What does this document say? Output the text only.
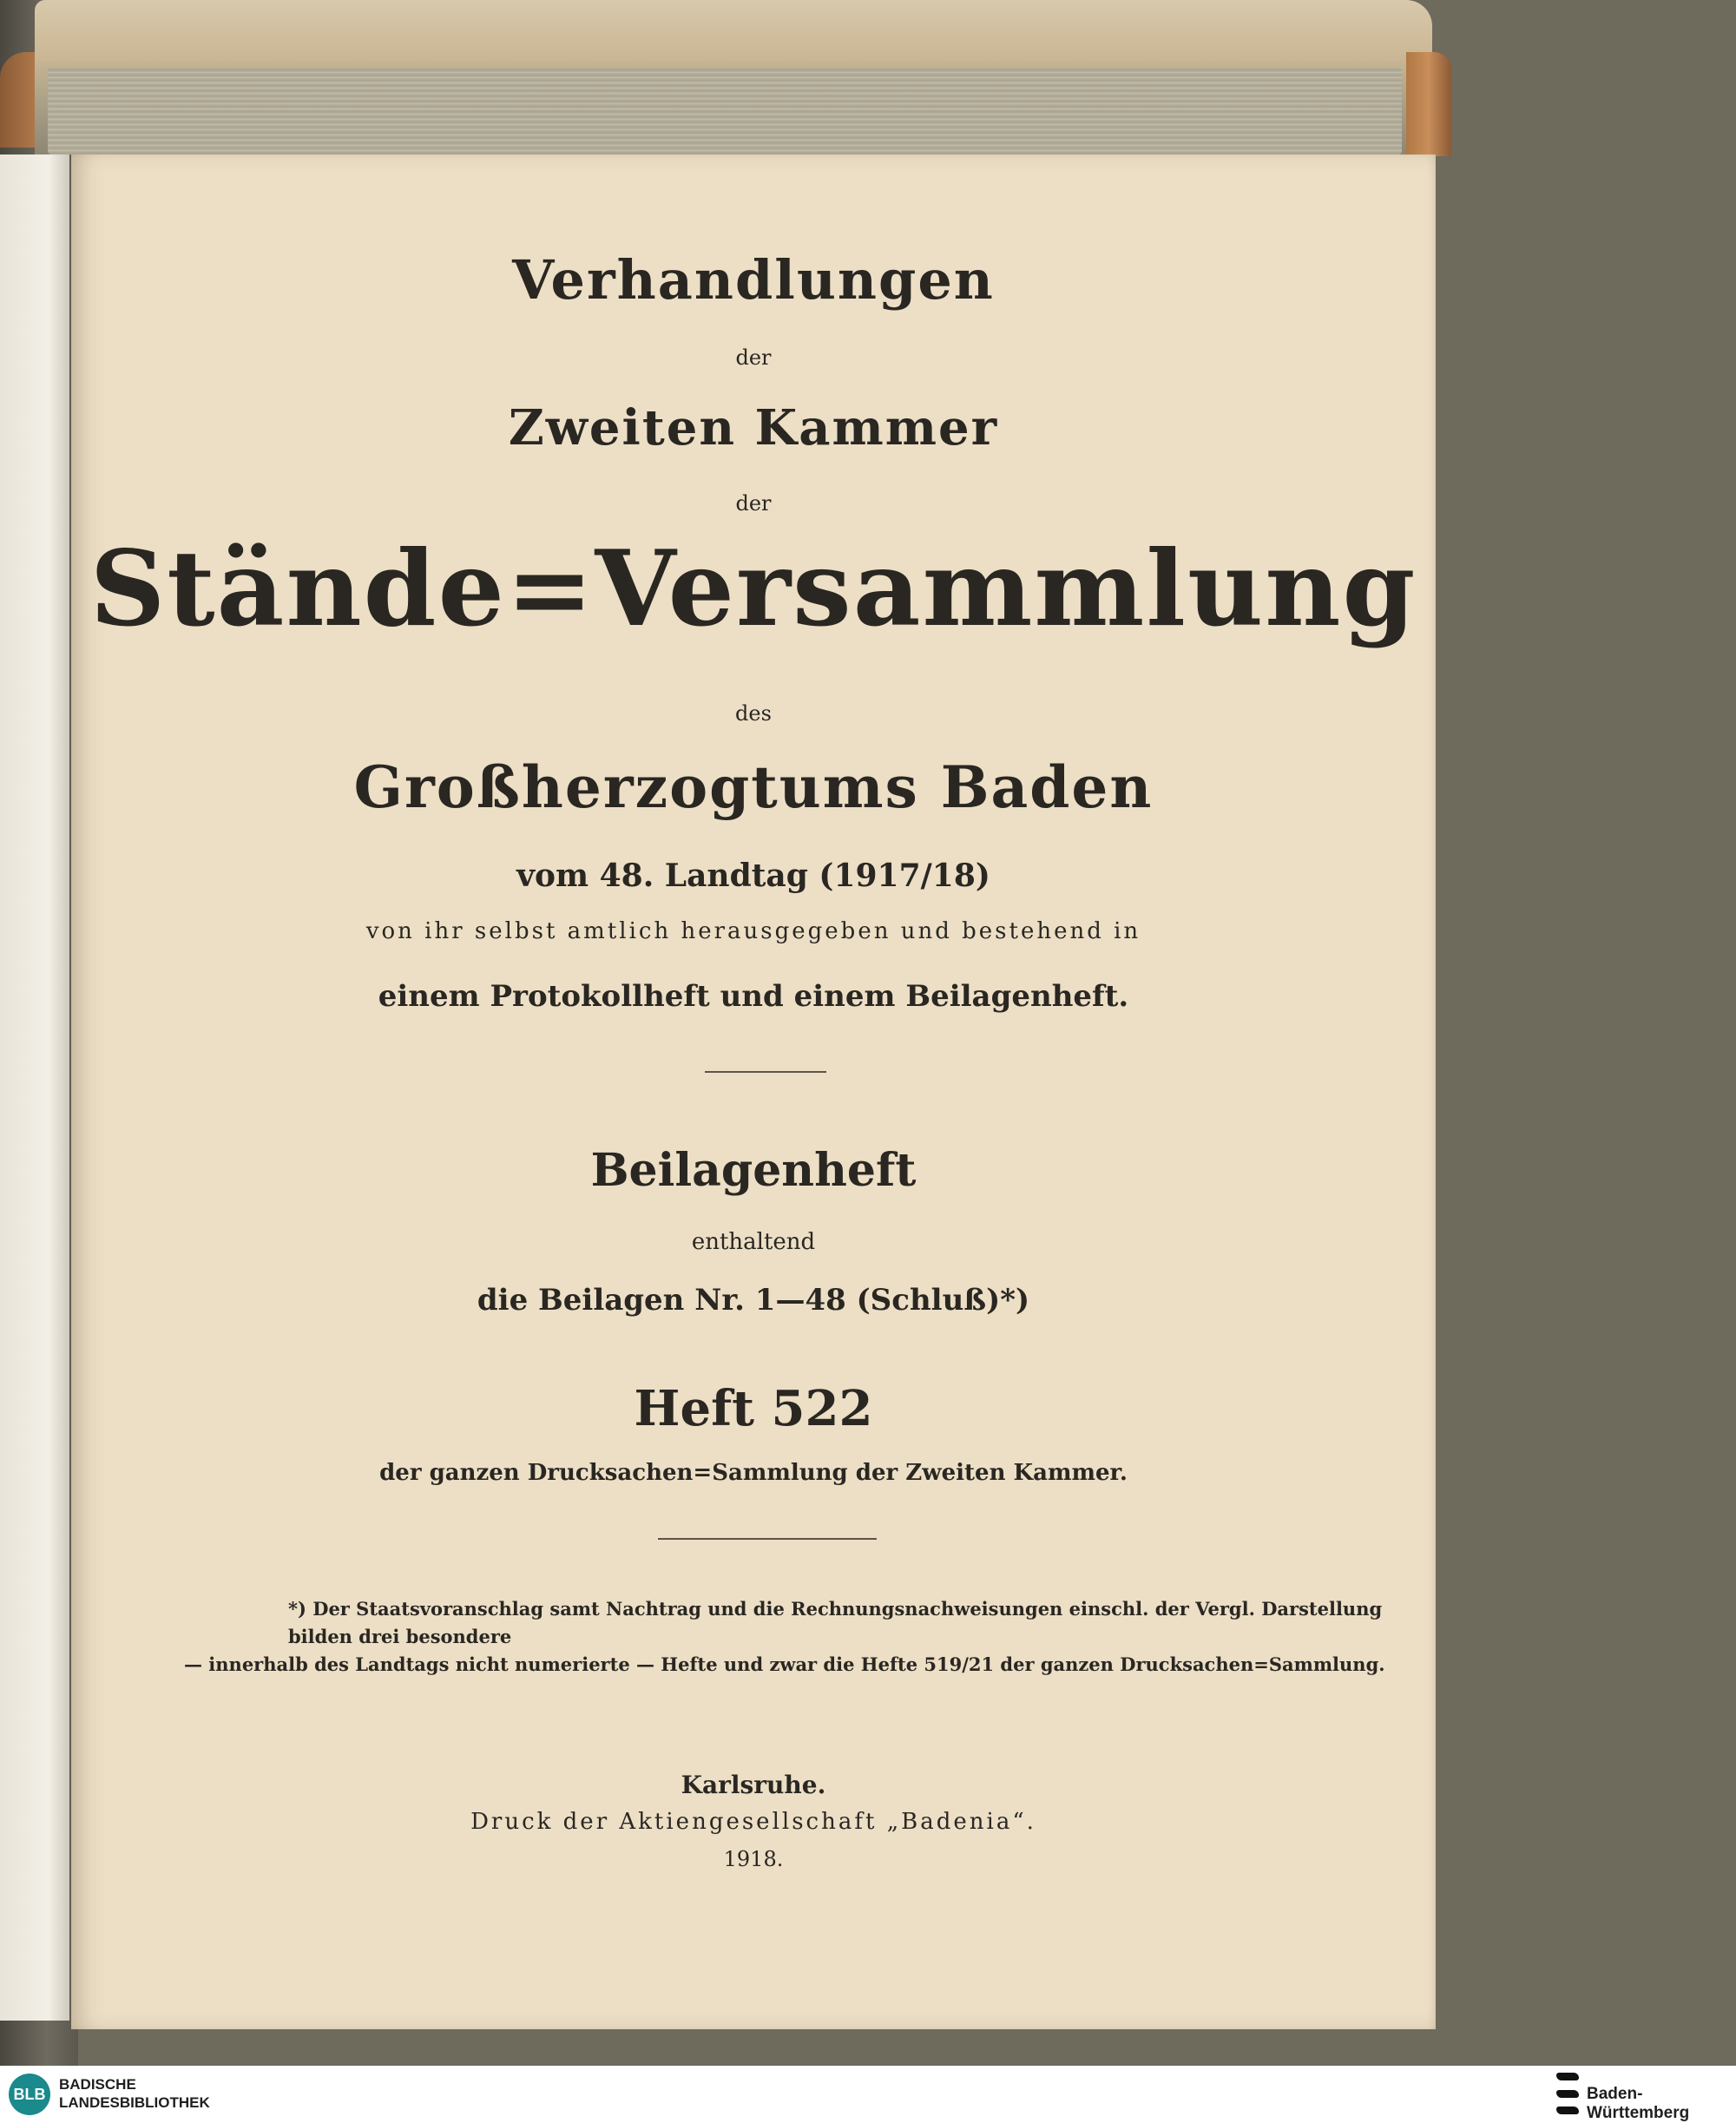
Verhandlungen
der
Zweiten Kammer
der
Stände=Versammlung
des
Großherzogtums Baden
vom 48. Landtag (1917/18)
von ihr selbst amtlich herausgegeben und bestehend in
einem Protokollheft und einem Beilagenheft.
Beilagenheft
enthaltend
die Beilagen Nr. 1—48 (Schluß)*)
Heft 522
der ganzen Drucksachen=Sammlung der Zweiten Kammer.
*) Der Staatsvoranschlag samt Nachtrag und die Rechnungsnachweisungen einschl. der Vergl. Darstellung bilden drei besondere
— innerhalb des Landtags nicht numerierte — Hefte und zwar die Hefte 519/21 der ganzen Drucksachen=Sammlung.
Karlsruhe.
Druck der Aktiengesellschaft „Badenia“.
1918.
BLB
BADISCHE
LANDESBIBLIOTHEK	Baden-Württemberg
